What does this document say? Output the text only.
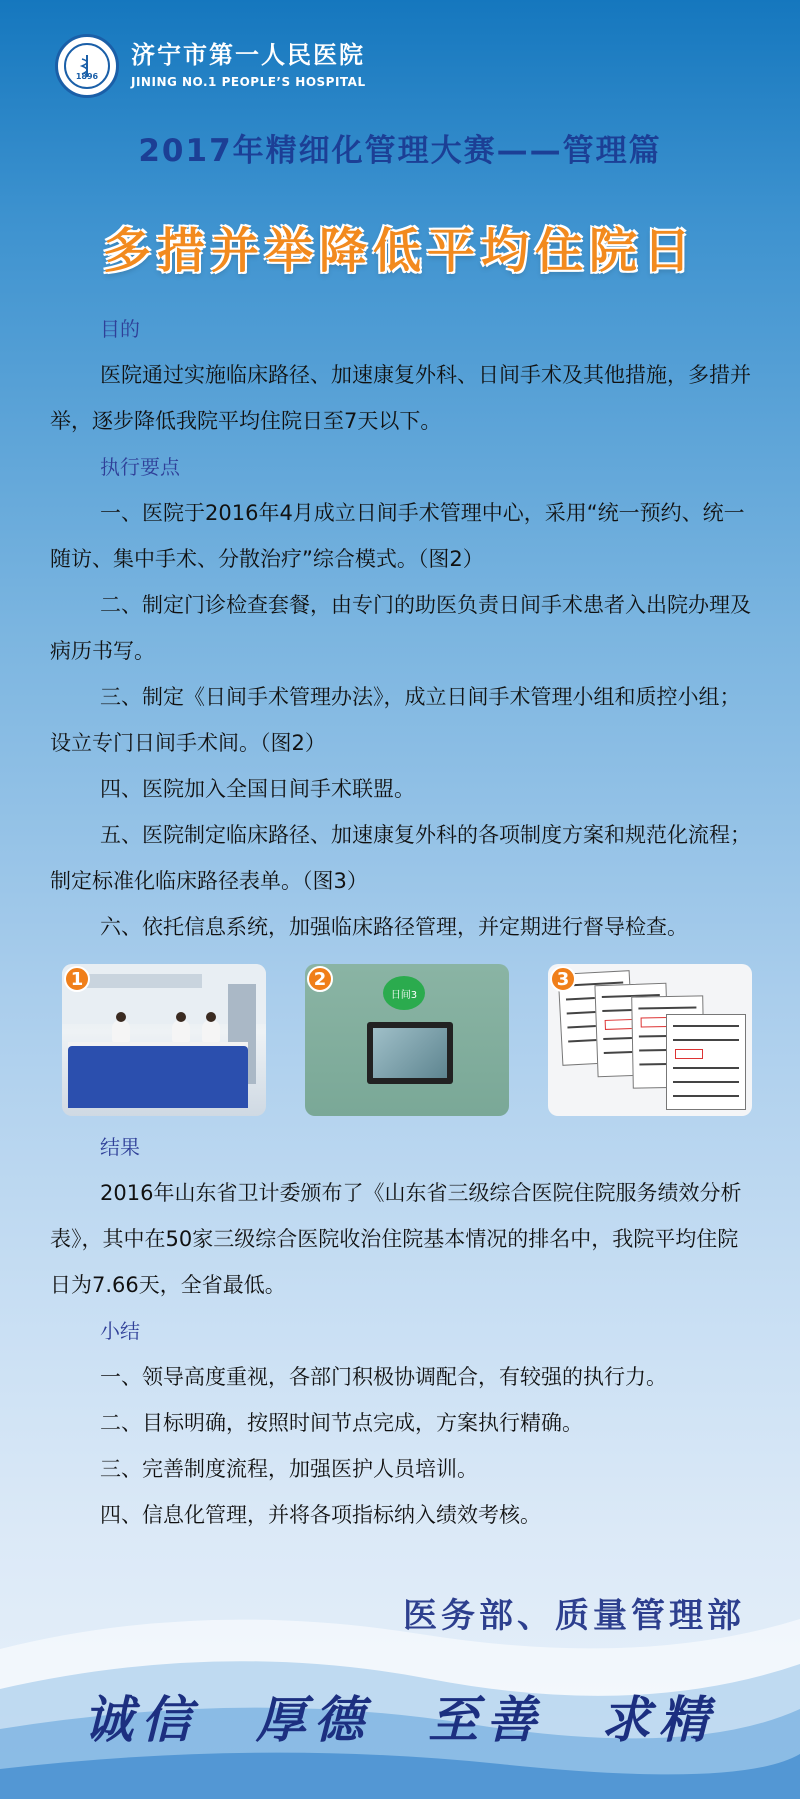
1896
济宁市第一人民医院
JINING NO.1 PEOPLE’S HOSPITAL
2017年精细化管理大赛——管理篇
多措并举降低平均住院日
目的

医院通过实施临床路径、加速康复外科、日间手术及其他措施，多措并举，逐步降低我院平均住院日至7天以下。

执行要点

一、医院于2016年4月成立日间手术管理中心，采用“统一预约、统一随访、集中手术、分散治疗”综合模式。（图2）

二、制定门诊检查套餐，由专门的助医负责日间手术患者入出院办理及病历书写。

三、制定《日间手术管理办法》，成立日间手术管理小组和质控小组；设立专门日间手术间。（图2）

四、医院加入全国日间手术联盟。

五、医院制定临床路径、加速康复外科的各项制度方案和规范化流程；制定标准化临床路径表单。（图3）

六、依托信息系统，加强临床路径管理，并定期进行督导检查。

1	2
日间3
3
结果

2016年山东省卫计委颁布了《山东省三级综合医院住院服务绩效分析表》，其中在50家三级综合医院收治住院基本情况的排名中，我院平均住院日为7.66天，全省最低。

小结

一、领导高度重视，各部门积极协调配合，有较强的执行力。

二、目标明确，按照时间节点完成，方案执行精确。

三、完善制度流程，加强医护人员培训。

四、信息化管理，并将各项指标纳入绩效考核。

医务部、质量管理部
诚信 厚德 至善 求精
